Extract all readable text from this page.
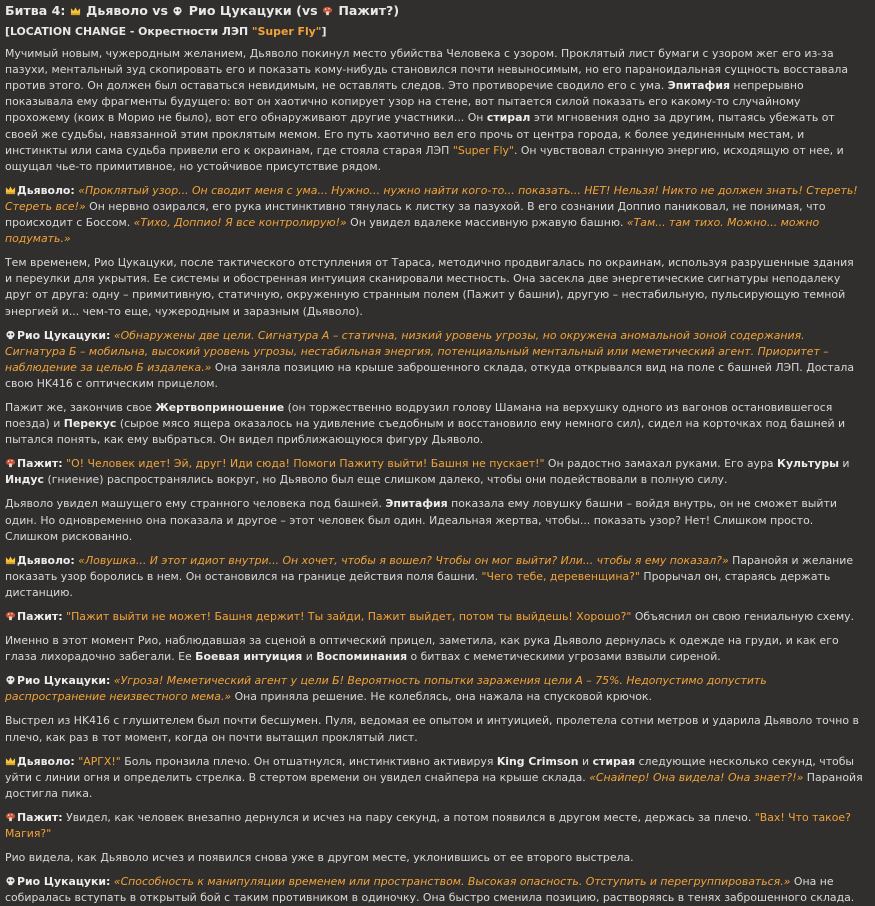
Битва 4:  Дьяволо vs  Рио Цукацуки (vs  Пажит?)
[LOCATION CHANGE - Окрестности ЛЭП "Super Fly"]
Мучимый новым, чужеродным желанием, Дьяволо покинул место убийства Человека с узором. Проклятый лист бумаги с узором жег его из-за пазухи, ментальный зуд скопировать его и показать кому-нибудь становился почти невыносимым, но его параноидальная сущность восставала против этого. Он должен был оставаться невидимым, не оставлять следов. Это противоречие сводило его с ума. Эпитафия непрерывно показывала ему фрагменты будущего: вот он хаотично копирует узор на стене, вот пытается силой показать его какому-то случайному прохожему (коих в Морио не было), вот его обнаруживают другие участники... Он стирал эти мгновения одно за другим, пытаясь убежать от своей же судьбы, навязанной этим проклятым мемом. Его путь хаотично вел его прочь от центра города, к более уединенным местам, и инстинкты или сама судьба привели его к окраинам, где стояла старая ЛЭП "Super Fly". Он чувствовал странную энергию, исходящую от нее, и ощущал чье-то примитивное, но устойчивое присутствие рядом.
Дьяволо: «Проклятый узор... Он сводит меня с ума... Нужно... нужно найти кого-то... показать... НЕТ! Нельзя! Никто не должен знать! Стереть! Стереть все!» Он нервно озирался, его рука инстинктивно тянулась к листку за пазухой. В его сознании Доппио паниковал, не понимая, что происходит с Боссом. «Тихо, Доппио! Я все контролирую!» Он увидел вдалеке массивную ржавую башню. «Там... там тихо. Можно... можно подумать.»
Тем временем, Рио Цукацуки, после тактического отступления от Тараса, методично продвигалась по окраинам, используя разрушенные здания и переулки для укрытия. Ее системы и обостренная интуиция сканировали местность. Она засекла две энергетические сигнатуры неподалеку друг от друга: одну – примитивную, статичную, окруженную странным полем (Пажит у башни), другую – нестабильную, пульсирующую темной энергией и... чем-то еще, чужеродным и заразным (Дьяволо).
Рио Цукацуки: «Обнаружены две цели. Сигнатура А – статична, низкий уровень угрозы, но окружена аномальной зоной содержания. Сигнатура Б – мобильна, высокий уровень угрозы, нестабильная энергия, потенциальный ментальный или меметический агент. Приоритет – наблюдение за целью Б издалека.» Она заняла позицию на крыше заброшенного склада, откуда открывался вид на поле с башней ЛЭП. Достала свою HK416 с оптическим прицелом.
Пажит же, закончив свое Жертвоприношение (он торжественно водрузил голову Шамана на верхушку одного из вагонов остановившегося поезда) и Перекус (сырое мясо ящера оказалось на удивление съедобным и восстановило ему немного сил), сидел на корточках под башней и пытался понять, как ему выбраться. Он видел приближающуюся фигуру Дьяволо.
Пажит: "О! Человек идет! Эй, друг! Иди сюда! Помоги Пажиту выйти! Башня не пускает!" Он радостно замахал руками. Его аура Культуры и Индус (гниение) распространялись вокруг, но Дьяволо был еще слишком далеко, чтобы они подействовали в полную силу.
Дьяволо увидел машущего ему странного человека под башней. Эпитафия показала ему ловушку башни – войдя внутрь, он не сможет выйти один. Но одновременно она показала и другое – этот человек был один. Идеальная жертва, чтобы... показать узор? Нет! Слишком просто. Слишком рискованно.
Дьяволо: «Ловушка... И этот идиот внутри... Он хочет, чтобы я вошел? Чтобы он мог выйти? Или... чтобы я ему показал?» Паранойя и желание показать узор боролись в нем. Он остановился на границе действия поля башни. "Чего тебе, деревенщина?" Прорычал он, стараясь держать дистанцию.
Пажит: "Пажит выйти не может! Башня держит! Ты зайди, Пажит выйдет, потом ты выйдешь! Хорошо?" Объяснил он свою гениальную схему.
Именно в этот момент Рио, наблюдавшая за сценой в оптический прицел, заметила, как рука Дьяволо дернулась к одежде на груди, и как его глаза лихорадочно забегали. Ее Боевая интуиция и Воспоминания о битвах с меметическими угрозами взвыли сиреной.
Рио Цукацуки: «Угроза! Меметический агент у цели Б! Вероятность попытки заражения цели А – 75%. Недопустимо допустить распространение неизвестного мема.» Она приняла решение. Не колеблясь, она нажала на спусковой крючок.
Выстрел из HK416 с глушителем был почти бесшумен. Пуля, ведомая ее опытом и интуицией, пролетела сотни метров и ударила Дьяволо точно в плечо, как раз в тот момент, когда он почти вытащил проклятый лист.
Дьяволо: "АРГХ!" Боль пронзила плечо. Он отшатнулся, инстинктивно активируя King Crimson и стирая следующие несколько секунд, чтобы уйти с линии огня и определить стрелка. В стертом времени он увидел снайпера на крыше склада. «Снайпер! Она видела! Она знает?!» Паранойя достигла пика.
Пажит: Увидел, как человек внезапно дернулся и исчез на пару секунд, а потом появился в другом месте, держась за плечо. "Вах! Что такое? Магия?"
Рио видела, как Дьяволо исчез и появился снова уже в другом месте, уклонившись от ее второго выстрела.
Рио Цукацуки: «Способность к манипуляции временем или пространством. Высокая опасность. Отступить и перегруппироваться.» Она не собиралась вступать в открытый бой с таким противником в одиночку. Она быстро сменила позицию, растворяясь в тенях заброшенного склада.
